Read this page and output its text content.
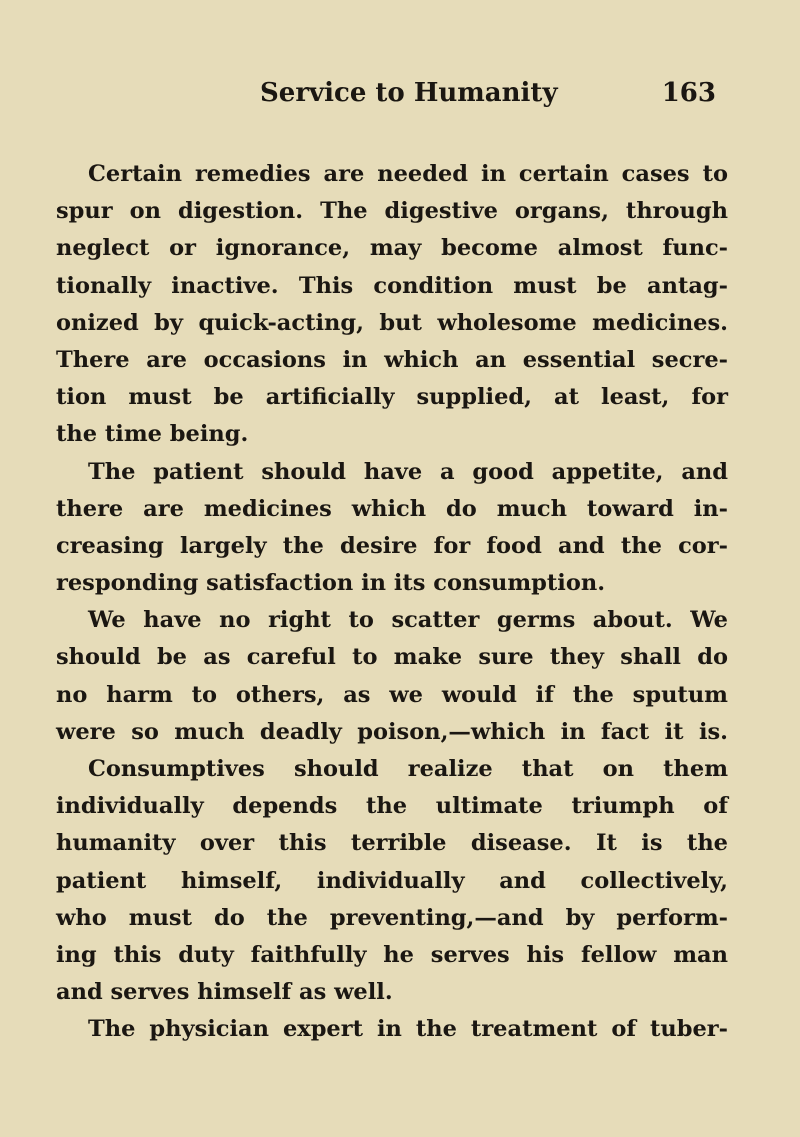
Service to Humanity	163
Certain remedies are needed in certain cases to
spur on digestion. The digestive organs, through
neglect or ignorance, may become almost func-
tionally inactive. This condition must be antag-
onized by quick-acting, but wholesome medicines.
There are occasions in which an essential secre-
tion must be artificially supplied, at least, for
the time being.
The patient should have a good appetite, and
there are medicines which do much toward in-
creasing largely the desire for food and the cor-
responding satisfaction in its consumption.
We have no right to scatter germs about. We
should be as careful to make sure they shall do
no harm to others, as we would if the sputum
were so much deadly poison,—which in fact it is.
Consumptives should realize that on them
individually depends the ultimate triumph of
humanity over this terrible disease. It is the
patient himself, individually and collectively,
who must do the preventing,—and by perform-
ing this duty faithfully he serves his fellow man
and serves himself as well.
The physician expert in the treatment of tuber-
